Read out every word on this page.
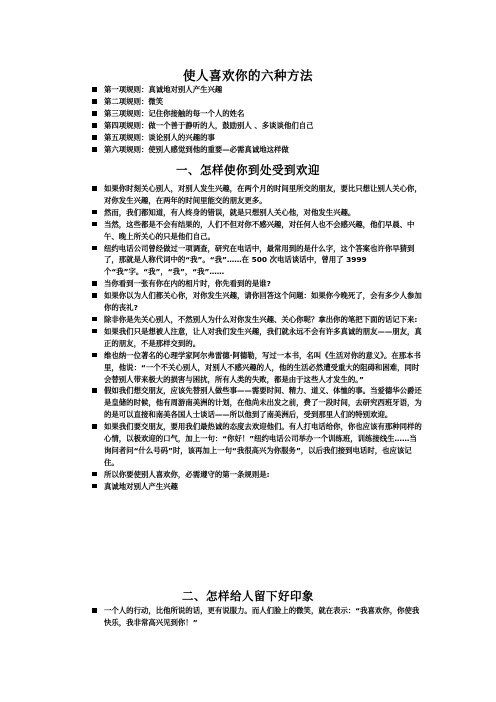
使人喜欢你的六种方法
第一项规则：真诚地对别人产生兴趣
第二项规则：微笑
第三项规则：记住你接触的每一个人的姓名
第四项规则：做一个善于静听的人，鼓励别人 、多谈谈他们自己
第五项规则：谈论别人的兴趣的事
第六项规则：使别人感觉到他的重要—必需真诚地这样做
一、怎样使你到处受到欢迎
如果你时刻关心别人，对别人发生兴趣，在两个月的时间里所交的朋友，要比只想让别人关心你，对你发生兴趣，在两年的时间里能交的朋友更多。
然而，我们都知道，有人终身的错误，就是只想别人关心他，对他发生兴趣。
当然，这些都是不会有结果的，人们不但对你不感兴趣，对任何人也不会感兴趣，他们早晨、中午、晚上所关心的只是他们自己。
纽约电话公司曾经做过一项调查，研究在电话中，最常用到的是什么字，这个答案也许你早猜到了，那就是人称代词中的“我”。“我”……在 500 次电话谈话中，曾用了 3999 个“我”字。“我”，“我”，“我”……
当你看到一张有你在内的相片时，你先看到的是谁?
如果你以为人们都关心你，对你发生兴趣，请你回答这个问题：如果你今晚死了，会有多少人参加你的丧礼?
除非你是先关心别人，不然别人为什么对你发生兴趣、关心你呢？拿出你的笔把下面的话记下来:
如果我们只是想被人注意，让人对我们发生兴趣，我们就永远不会有许多真诚的朋友——朋友，真正的朋友，不是那样交到的。
维也纳一位著名的心理学家阿尔弗雷德·阿德勒，写过一本书，名叫《生活对你的意义》。在那本书里，他说：“一个不关心别人，对别人不感兴趣的人，他的生活必然遭受重大的阻碍和困难，同时会替别人带来极大的损害与困扰，所有人类的失败，都是由于这些人才发生的。”
假如我们想交朋友，应该先替别人做些事——需要时间、精力、道义、体恤的事。当爱德华公爵还是皇储的时候，他有周游南美洲的计划，在他尚未出发之前，费了一段时间，去研究西班牙语，为的是可以直接和南美各国人士谈话——所以他到了南美洲后，受到那里人们的特别欢迎。
如果我们要交朋友，要用我们最热诚的态度去欢迎他们。有人打电话给你，你也应该有那种同样的心情，以极欢迎的口气，加上一句：“你好！”纽约电话公司举办一个训练班，训练接线生……当询问者问“什么号码”时，该再加上一句“我很高兴为你服务”，以后我们接到电话时，也应该记住。
所以你要使别人喜欢你，必需遵守的第一条规则是:
真诚地对别人产生兴趣
二、怎样给人留下好印象
一个人的行动，比他所说的话，更有说服力。而人们脸上的微笑，就在表示：“我喜欢你，你使我快乐，我非常高兴见到你！”
